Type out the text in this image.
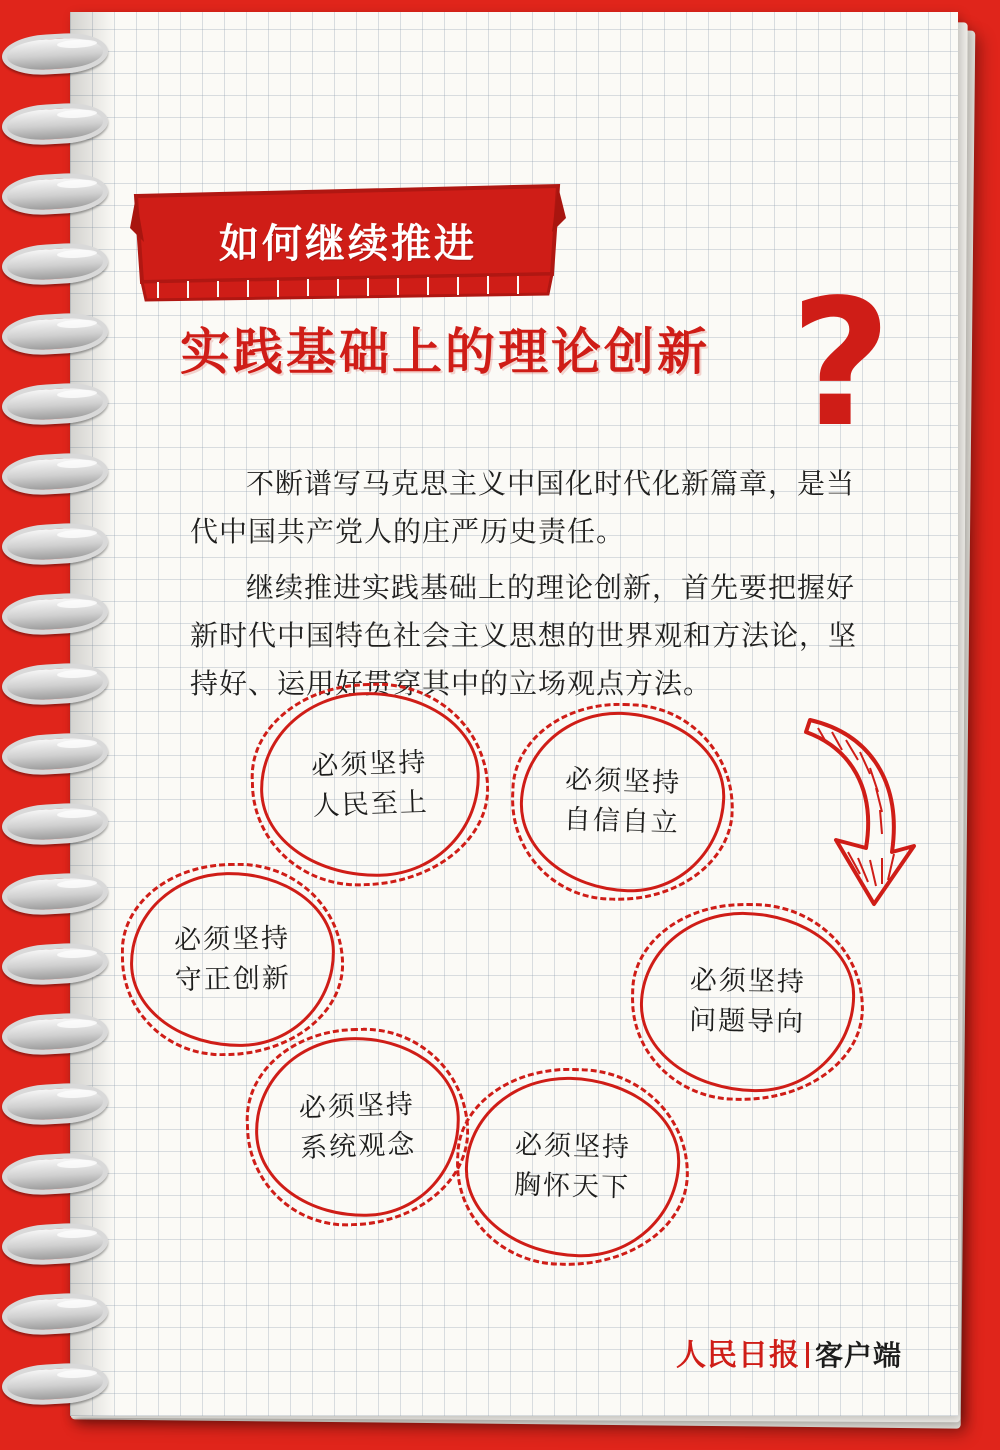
如何继续推进
实践基础上的理论创新 ?
不断谱写马克思主义中国化时代化新篇章，是当代中国共产党人的庄严历史责任。
继续推进实践基础上的理论创新，首先要把握好新时代中国特色社会主义思想的世界观和方法论，坚持好、运用好贯穿其中的立场观点方法。
必须坚持
人民至上
必须坚持
自信自立
必须坚持
守正创新	必须坚持
问题导向
必须坚持
系统观念	必须坚持
胸怀天下
人民日报 客户端
